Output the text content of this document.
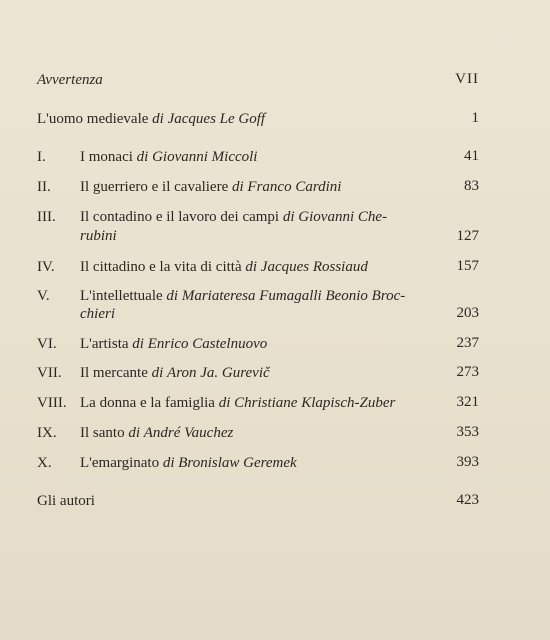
Avvertenza	VII
L'uomo medievale di Jacques Le Goff	1
I. I monaci di Giovanni Miccoli	41
II. Il guerriero e il cavaliere di Franco Cardini	83
III. Il contadino e il lavoro dei campi di Giovanni Che-
rubini	127
IV. Il cittadino e la vita di città di Jacques Rossiaud	157
V. L'intellettuale di Mariateresa Fumagalli Beonio Broc-
chieri	203
VI. L'artista di Enrico Castelnuovo	237
VII. Il mercante di Aron Ja. Gurevič	273
VIII. La donna e la famiglia di Christiane Klapisch-Zuber	321
IX. Il santo di André Vauchez	353
X. L'emarginato di Bronislaw Geremek	393
Gli autori	423
